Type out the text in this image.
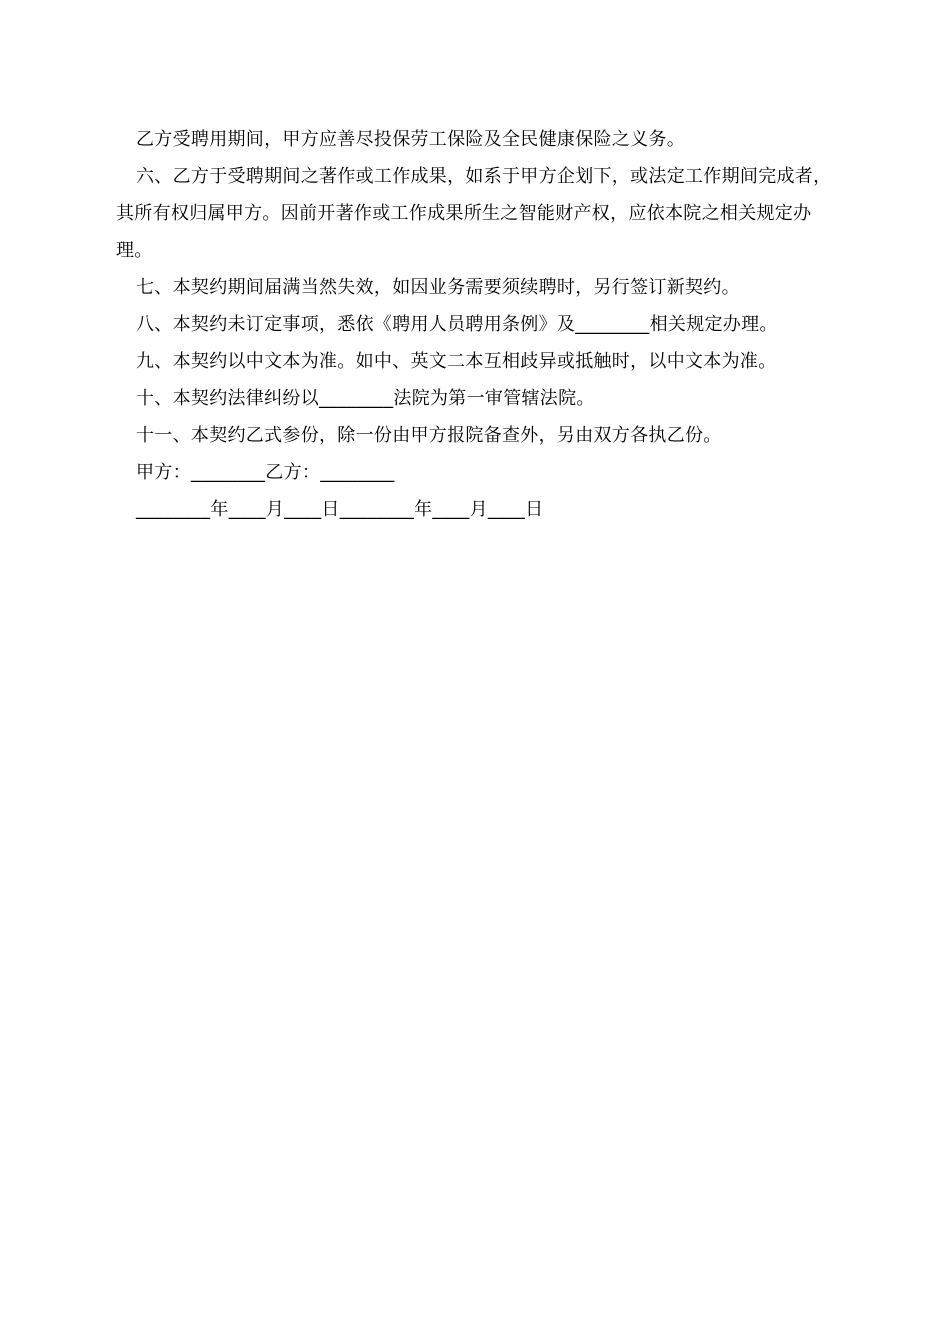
乙方受聘用期间，甲方应善尽投保劳工保险及全民健康保险之义务。

六、乙方于受聘期间之著作或工作成果，如系于甲方企划下，或法定工作期间完成者，其所有权归属甲方。因前开著作或工作成果所生之智能财产权，应依本院之相关规定办理。

七、本契约期间届满当然失效，如因业务需要须续聘时，另行签订新契约。

八、本契约未订定事项，悉依《聘用人员聘用条例》及________相关规定办理。

九、本契约以中文本为准。如中、英文二本互相歧异或抵触时，以中文本为准。

十、本契约法律纠纷以________法院为第一审管辖法院。

十一、本契约乙式参份，除一份由甲方报院备查外，另由双方各执乙份。

甲方：________乙方：________

________年____月____日________年____月____日
